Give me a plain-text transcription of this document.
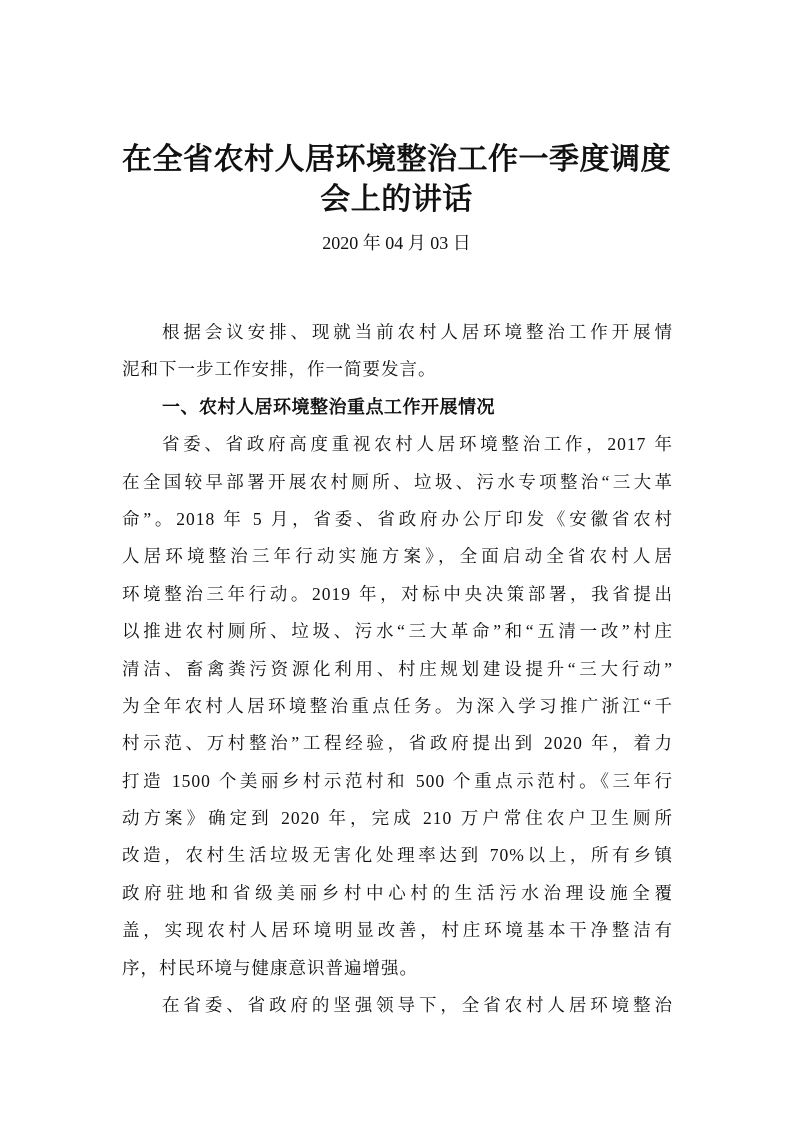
在全省农村人居环境整治工作一季度调度
会上的讲话
2020 年 04 月 03 日
根据会议安排、现就当前农村人居环境整治工作开展情
泥和下一步工作安排，作一简要发言。
一、农村人居环境整治重点工作开展情况
省委、省政府高度重视农村人居环境整治工作，2017 年
在全国较早部署开展农村厕所、垃圾、污水专项整治“三大革
命”。2018 年 5 月，省委、省政府办公厅印发《安徽省农村
人居环境整治三年行动实施方案》，全面启动全省农村人居
环境整治三年行动。2019 年，对标中央决策部署，我省提出
以推进农村厕所、垃圾、污水“三大革命”和“五清一改”村庄
清洁、畜禽粪污资源化利用、村庄规划建设提升“三大行动”
为全年农村人居环境整治重点任务。为深入学习推广浙江“千
村示范、万村整治”工程经验，省政府提出到 2020 年，着力
打造 1500 个美丽乡村示范村和 500 个重点示范村。《三年行
动方案》确定到 2020 年，完成 210 万户常住农户卫生厕所
改造，农村生活垃圾无害化处理率达到 70%以上，所有乡镇
政府驻地和省级美丽乡村中心村的生活污水治理设施全覆
盖，实现农村人居环境明显改善，村庄环境基本干净整洁有
序，村民环境与健康意识普遍增强。
在省委、省政府的坚强领导下，全省农村人居环境整治
